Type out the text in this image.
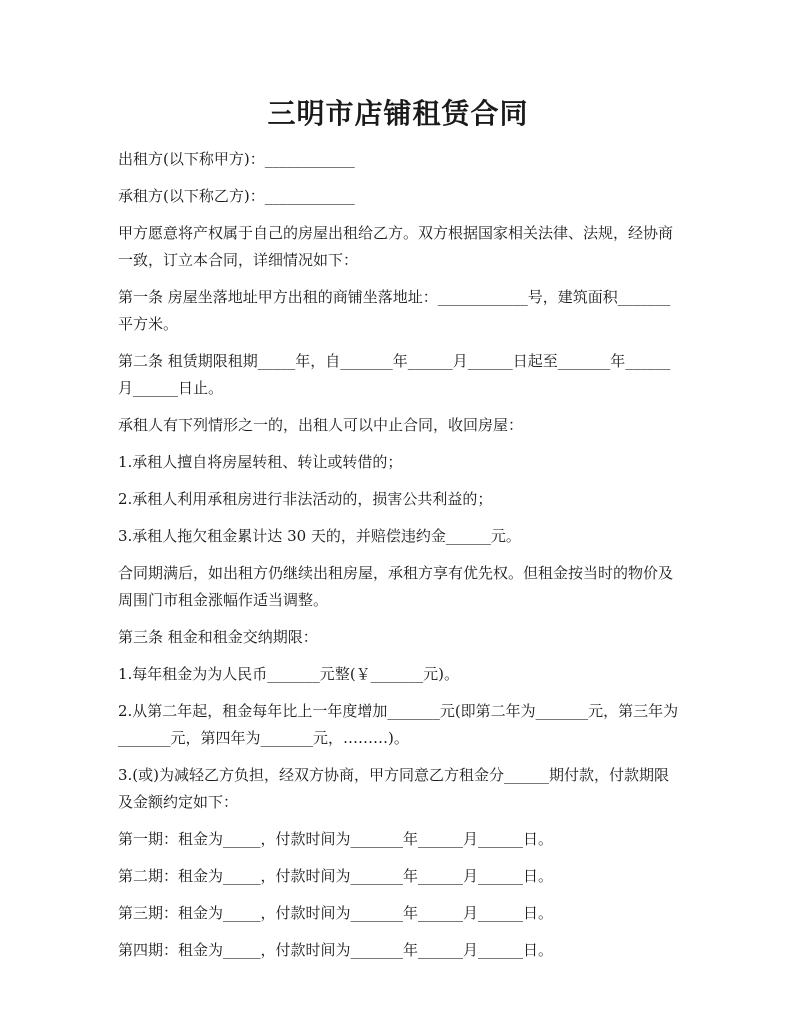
三明市店铺租赁合同

出租方(以下称甲方)：____________

承租方(以下称乙方)：____________

甲方愿意将产权属于自己的房屋出租给乙方。双方根据国家相关法律、法规，经协商一致，订立本合同，详细情况如下：

第一条 房屋坐落地址甲方出租的商铺坐落地址：____________号，建筑面积_______平方米。

第二条 租赁期限租期_____年，自_______年______月______日起至_______年______月______日止。

承租人有下列情形之一的，出租人可以中止合同，收回房屋：

1.承租人擅自将房屋转租、转让或转借的；

2.承租人利用承租房进行非法活动的，损害公共利益的；

3.承租人拖欠租金累计达 30 天的，并赔偿违约金______元。

合同期满后，如出租方仍继续出租房屋，承租方享有优先权。但租金按当时的物价及周围门市租金涨幅作适当调整。

第三条 租金和租金交纳期限：

1.每年租金为为人民币_______元整(￥_______元)。

2.从第二年起，租金每年比上一年度增加_______元(即第二年为_______元，第三年为_______元，第四年为_______元，………)。

3.(或)为减轻乙方负担，经双方协商，甲方同意乙方租金分______期付款，付款期限及金额约定如下：

第一期：租金为_____，付款时间为_______年______月______日。

第二期：租金为_____，付款时间为_______年______月______日。

第三期：租金为_____，付款时间为_______年______月______日。

第四期：租金为_____，付款时间为_______年______月______日。
